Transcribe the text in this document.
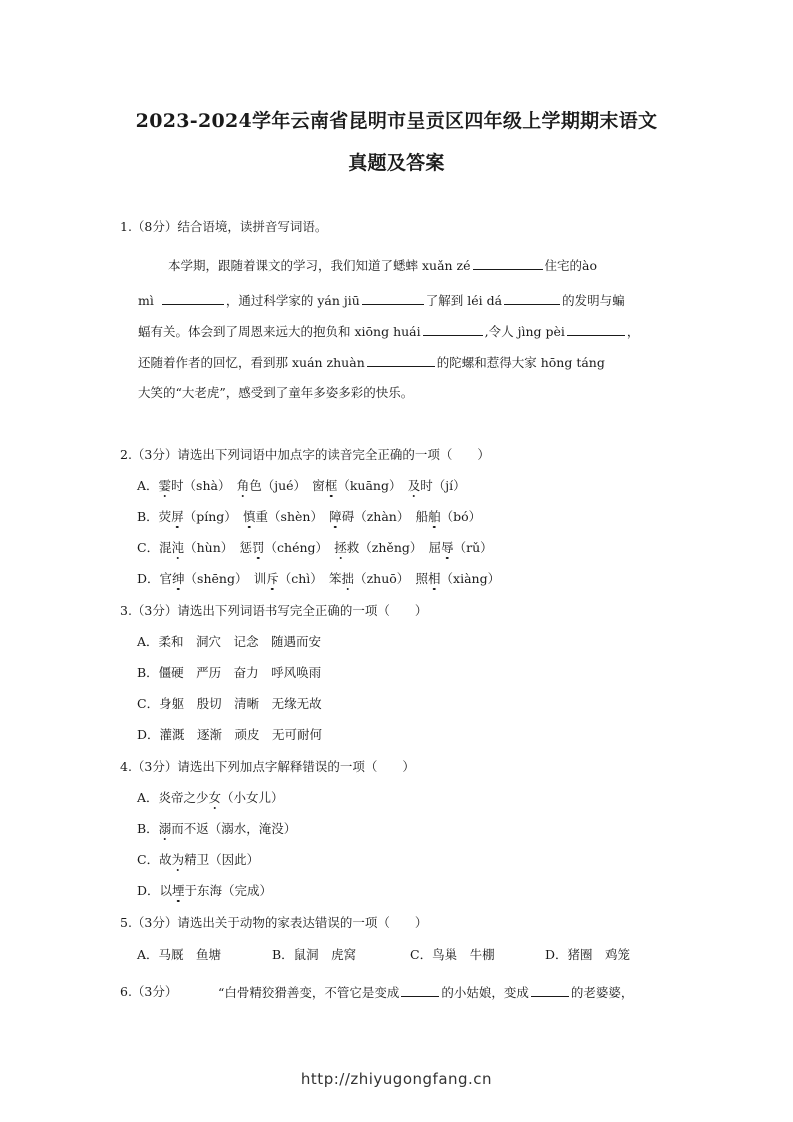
2023-2024学年云南省昆明市呈贡区四年级上学期期末语文
真题及答案
1.（8分）结合语境，读拼音写词语。
本学期，跟随着课文的学习，我们知道了蟋蟀 xuǎn zé	住宅的ào
mì	，通过科学家的 yán jiū	了解到 léi dá	的发明与蝙
蝠有关。体会到了周恩来远大的抱负和 xiōng huái	,令人 jìng pèi	，
还随着作者的回忆，看到那 xuán zhuàn	的陀螺和惹得大家 hōng táng
大笑的“大老虎”，感受到了童年多姿多彩的快乐。
2.（3分）请选出下列词语中加点字的读音完全正确的一项（　　）
A．霎时（shà）　角色（jué）　窗框（kuāng）　及时（jí）
B．荧屏（píng）　慎重（shèn）　障碍（zhàn）　船舶（bó）
C．混沌（hùn）　惩罚（chéng）　拯救（zhěng）　屈辱（rǔ）
D．官绅（shēng）　训斥（chì）　笨拙（zhuō）　照相（xiàng）
3.（3分）请选出下列词语书写完全正确的一项（　　）
A．柔和　洞穴　记念　随遇而安
B．僵硬　严历　奋力　呼风唤雨
C．身躯　殷切　清晰　无缘无故
D．灌溉　逐渐　顽皮　无可耐何
4.（3分）请选出下列加点字解释错误的一项（　　）
A．炎帝之少女（小女儿）
B．溺而不返（溺水，淹没）
C．故为精卫（因此）
D．以堙于东海（完成）
5.（3分）请选出关于动物的家表达错误的一项（　　）
A．马厩　鱼塘	B．鼠洞　虎窝	C．鸟巢　牛棚	D．猪圈　鸡笼
6.（3分）	“白骨精狡猾善变，不管它是变成	的小姑娘，变成	的老婆婆，
http://zhiyugongfang.cn
